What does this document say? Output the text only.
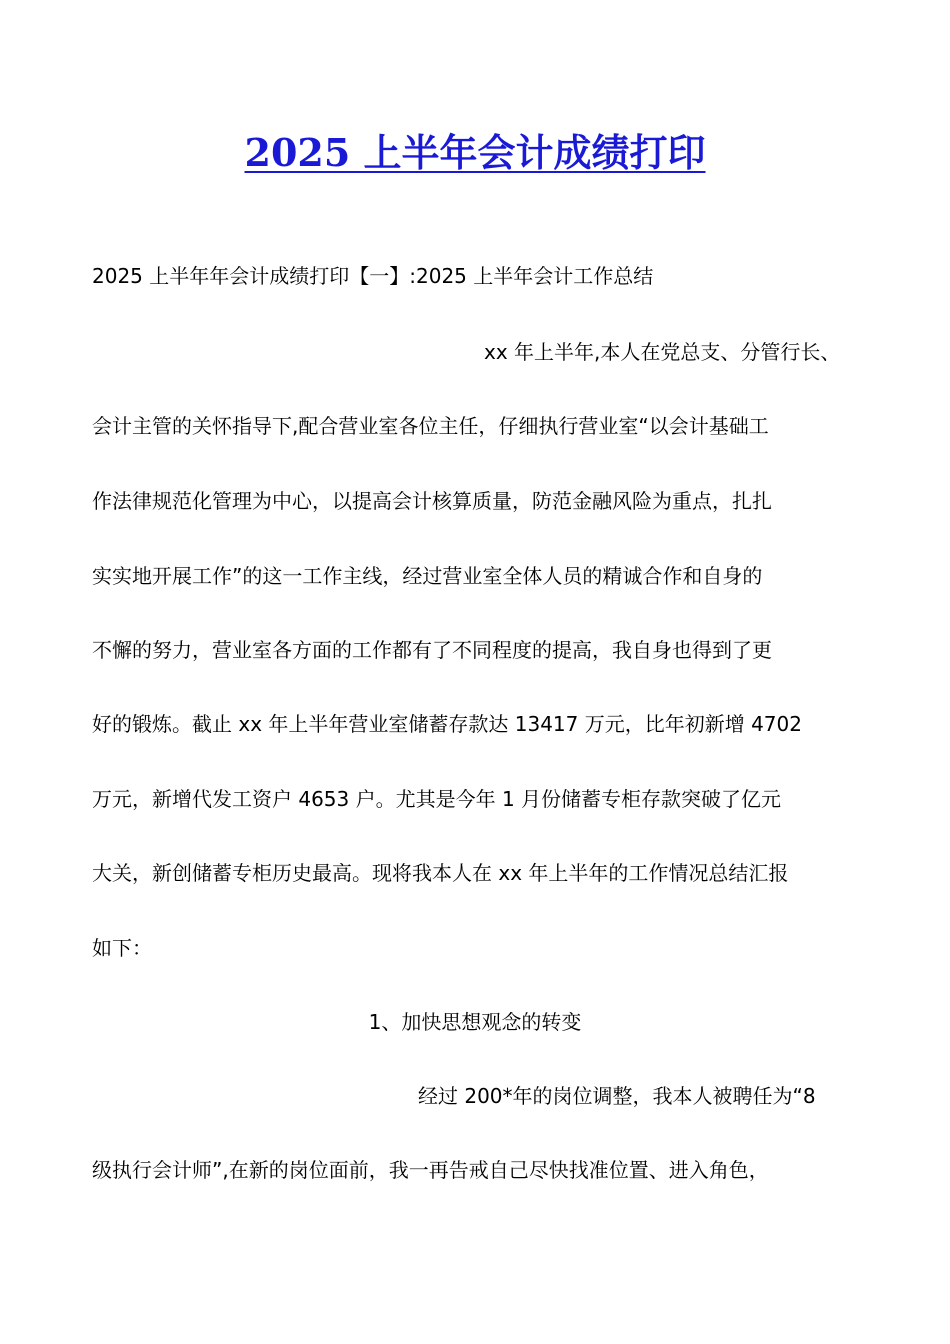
2025 上半年会计成绩打印
2025 上半年年会计成绩打印【一】:2025 上半年会计工作总结
xx 年上半年,本人在党总支、分管行长、
会计主管的关怀指导下,配合营业室各位主任，仔细执行营业室“以会计基础工
作法律规范化管理为中心，以提高会计核算质量，防范金融风险为重点，扎扎
实实地开展工作”的这一工作主线，经过营业室全体人员的精诚合作和自身的
不懈的努力，营业室各方面的工作都有了不同程度的提高，我自身也得到了更
好的锻炼。截止 xx 年上半年营业室储蓄存款达 13417 万元，比年初新增 4702
万元，新增代发工资户 4653 户。尤其是今年 1 月份储蓄专柜存款突破了亿元
大关，新创储蓄专柜历史最高。现将我本人在 xx 年上半年的工作情况总结汇报
如下：
1、加快思想观念的转变
经过 200*年的岗位调整，我本人被聘任为“8
级执行会计师”,在新的岗位面前，我一再告戒自己尽快找准位置、进入角色，
